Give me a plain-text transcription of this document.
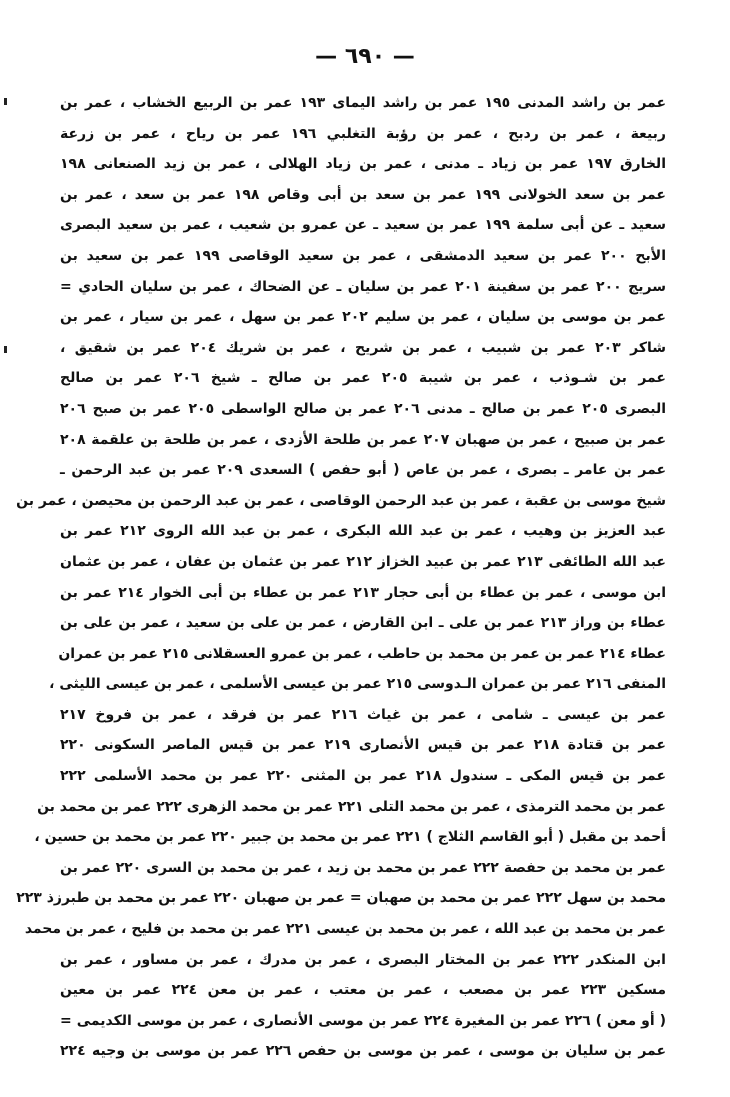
— ٦٩٠ —
عمر بن راشد المدنى ١٩٥ عمر بن راشد اليماى ١٩٣ عمر بن الربيع الخشاب ، عمر بن
ربيعة ، عمر بن ردبح ، عمر بن رؤبة التغلبي ١٩٦ عمر بن رياح ، عمر بن زرعة
الخارق ١٩٧ عمر بن زياد ـ مدنى ، عمر بن زياد الهلالى ، عمر بن زيد الصنعانى ١٩٨
عمر بن سعد الخولانى ١٩٩ عمر بن سعد بن أبى وقاص ١٩٨ عمر بن سعد ، عمر بن
سعيد ـ عن أبى سلمة ١٩٩ عمر بن سعيد ـ عن عمرو بن شعيب ، عمر بن سعيد البصرى
الأبح ٢٠٠ عمر بن سعيد الدمشقى ، عمر بن سعيد الوقاصى ١٩٩ عمر بن سعيد بن
سريج ٢٠٠ عمر بن سفينة ٢٠١ عمر بن سليان ـ عن الضحاك ، عمر بن سليان الحادي =
عمر بن موسى بن سليان ، عمر بن سليم ٢٠٢ عمر بن سهل ، عمر بن سيار ، عمر بن
شاكر ٢٠٣ عمر بن شبيب ، عمر بن شريح ، عمر بن شريك ٢٠٤ عمر بن شقيق ،
عمر بن شـوذب ، عمر بن شيبة ٢٠٥ عمر بن صالح ـ شيخ ٢٠٦ عمر بن صالح
البصرى ٢٠٥ عمر بن صالح ـ مدنى ٢٠٦ عمر بن صالح الواسطى ٢٠٥ عمر بن صبح ٢٠٦
عمر بن صبيح ، عمر بن صهبان ٢٠٧ عمر بن طلحة الأزدى ، عمر بن طلحة بن علقمة ٢٠٨
عمر بن عامر ـ بصرى ، عمر بن عاص ( أبو حفص ) السعدى ٢٠٩ عمر بن عبد الرحمن ـ
شيخ موسى بن عقبة ، عمر بن عبد الرحمن الوقاصى ، عمر بن عبد الرحمن بن محيصن ، عمر بن
عبد العزيز بن وهيب ، عمر بن عبد الله البكرى ، عمر بن عبد الله الروى ٢١٢ عمر بن
عبد الله الطائفى ٢١٣ عمر بن عبيد الخزاز ٢١٢ عمر بن عثمان بن عفان ، عمر بن عثمان
ابن موسى ، عمر بن عطاء بن أبى حجار ٢١٣ عمر بن عطاء بن أبى الخوار ٢١٤ عمر بن
عطاء بن وراز ٢١٣ عمر بن على ـ ابن القارض ، عمر بن على بن سعيد ، عمر بن على بن
عطاء ٢١٤ عمر بن عمر بن محمد بن حاطب ، عمر بن عمرو العسقلانى ٢١٥ عمر بن عمران
المنفى ٢١٦ عمر بن عمران الـدوسى ٢١٥ عمر بن عيسى الأسلمى ، عمر بن عيسى الليثى ،
عمر بن عيسى ـ شامى ، عمر بن غياث ٢١٦ عمر بن فرقد ، عمر بن فروخ ٢١٧
عمر بن قتادة ٢١٨ عمر بن قيس الأنصارى ٢١٩ عمر بن قيس الماصر السكونى ٢٢٠
عمر بن قيس المكى ـ سندول ٢١٨ عمر بن المثنى ٢٢٠ عمر بن محمد الأسلمى ٢٢٢
عمر بن محمد الترمذى ، عمر بن محمد التلى ٢٢١ عمر بن محمد الزهرى ٢٢٢ عمر بن محمد بن
أحمد بن مقبل ( أبو القاسم الثلاج ) ٢٢١ عمر بن محمد بن جبير ٢٢٠ عمر بن محمد بن حسين ،
عمر بن محمد بن حفصة ٢٢٢ عمر بن محمد بن زيد ، عمر بن محمد بن السرى ٢٢٠ عمر بن
محمد بن سهل ٢٢٢ عمر بن محمد بن صهبان = عمر بن صهبان ٢٢٠ عمر بن محمد بن طبرزذ ٢٢٣
عمر بن محمد بن عبد الله ، عمر بن محمد بن عيسى ٢٢١ عمر بن محمد بن فليح ، عمر بن محمد
ابن المنكدر ٢٢٢ عمر بن المختار البصرى ، عمر بن مدرك ، عمر بن مساور ، عمر بن
مسكين ٢٢٣ عمر بن مصعب ، عمر بن معتب ، عمر بن معن ٢٢٤ عمر بن معين
( أو معن ) ٢٢٦ عمر بن المغيرة ٢٢٤ عمر بن موسى الأنصارى ، عمر بن موسى الكديمى =
عمر بن سليان بن موسى ، عمر بن موسى بن حفص ٢٢٦ عمر بن موسى بن وجيه ٢٢٤
